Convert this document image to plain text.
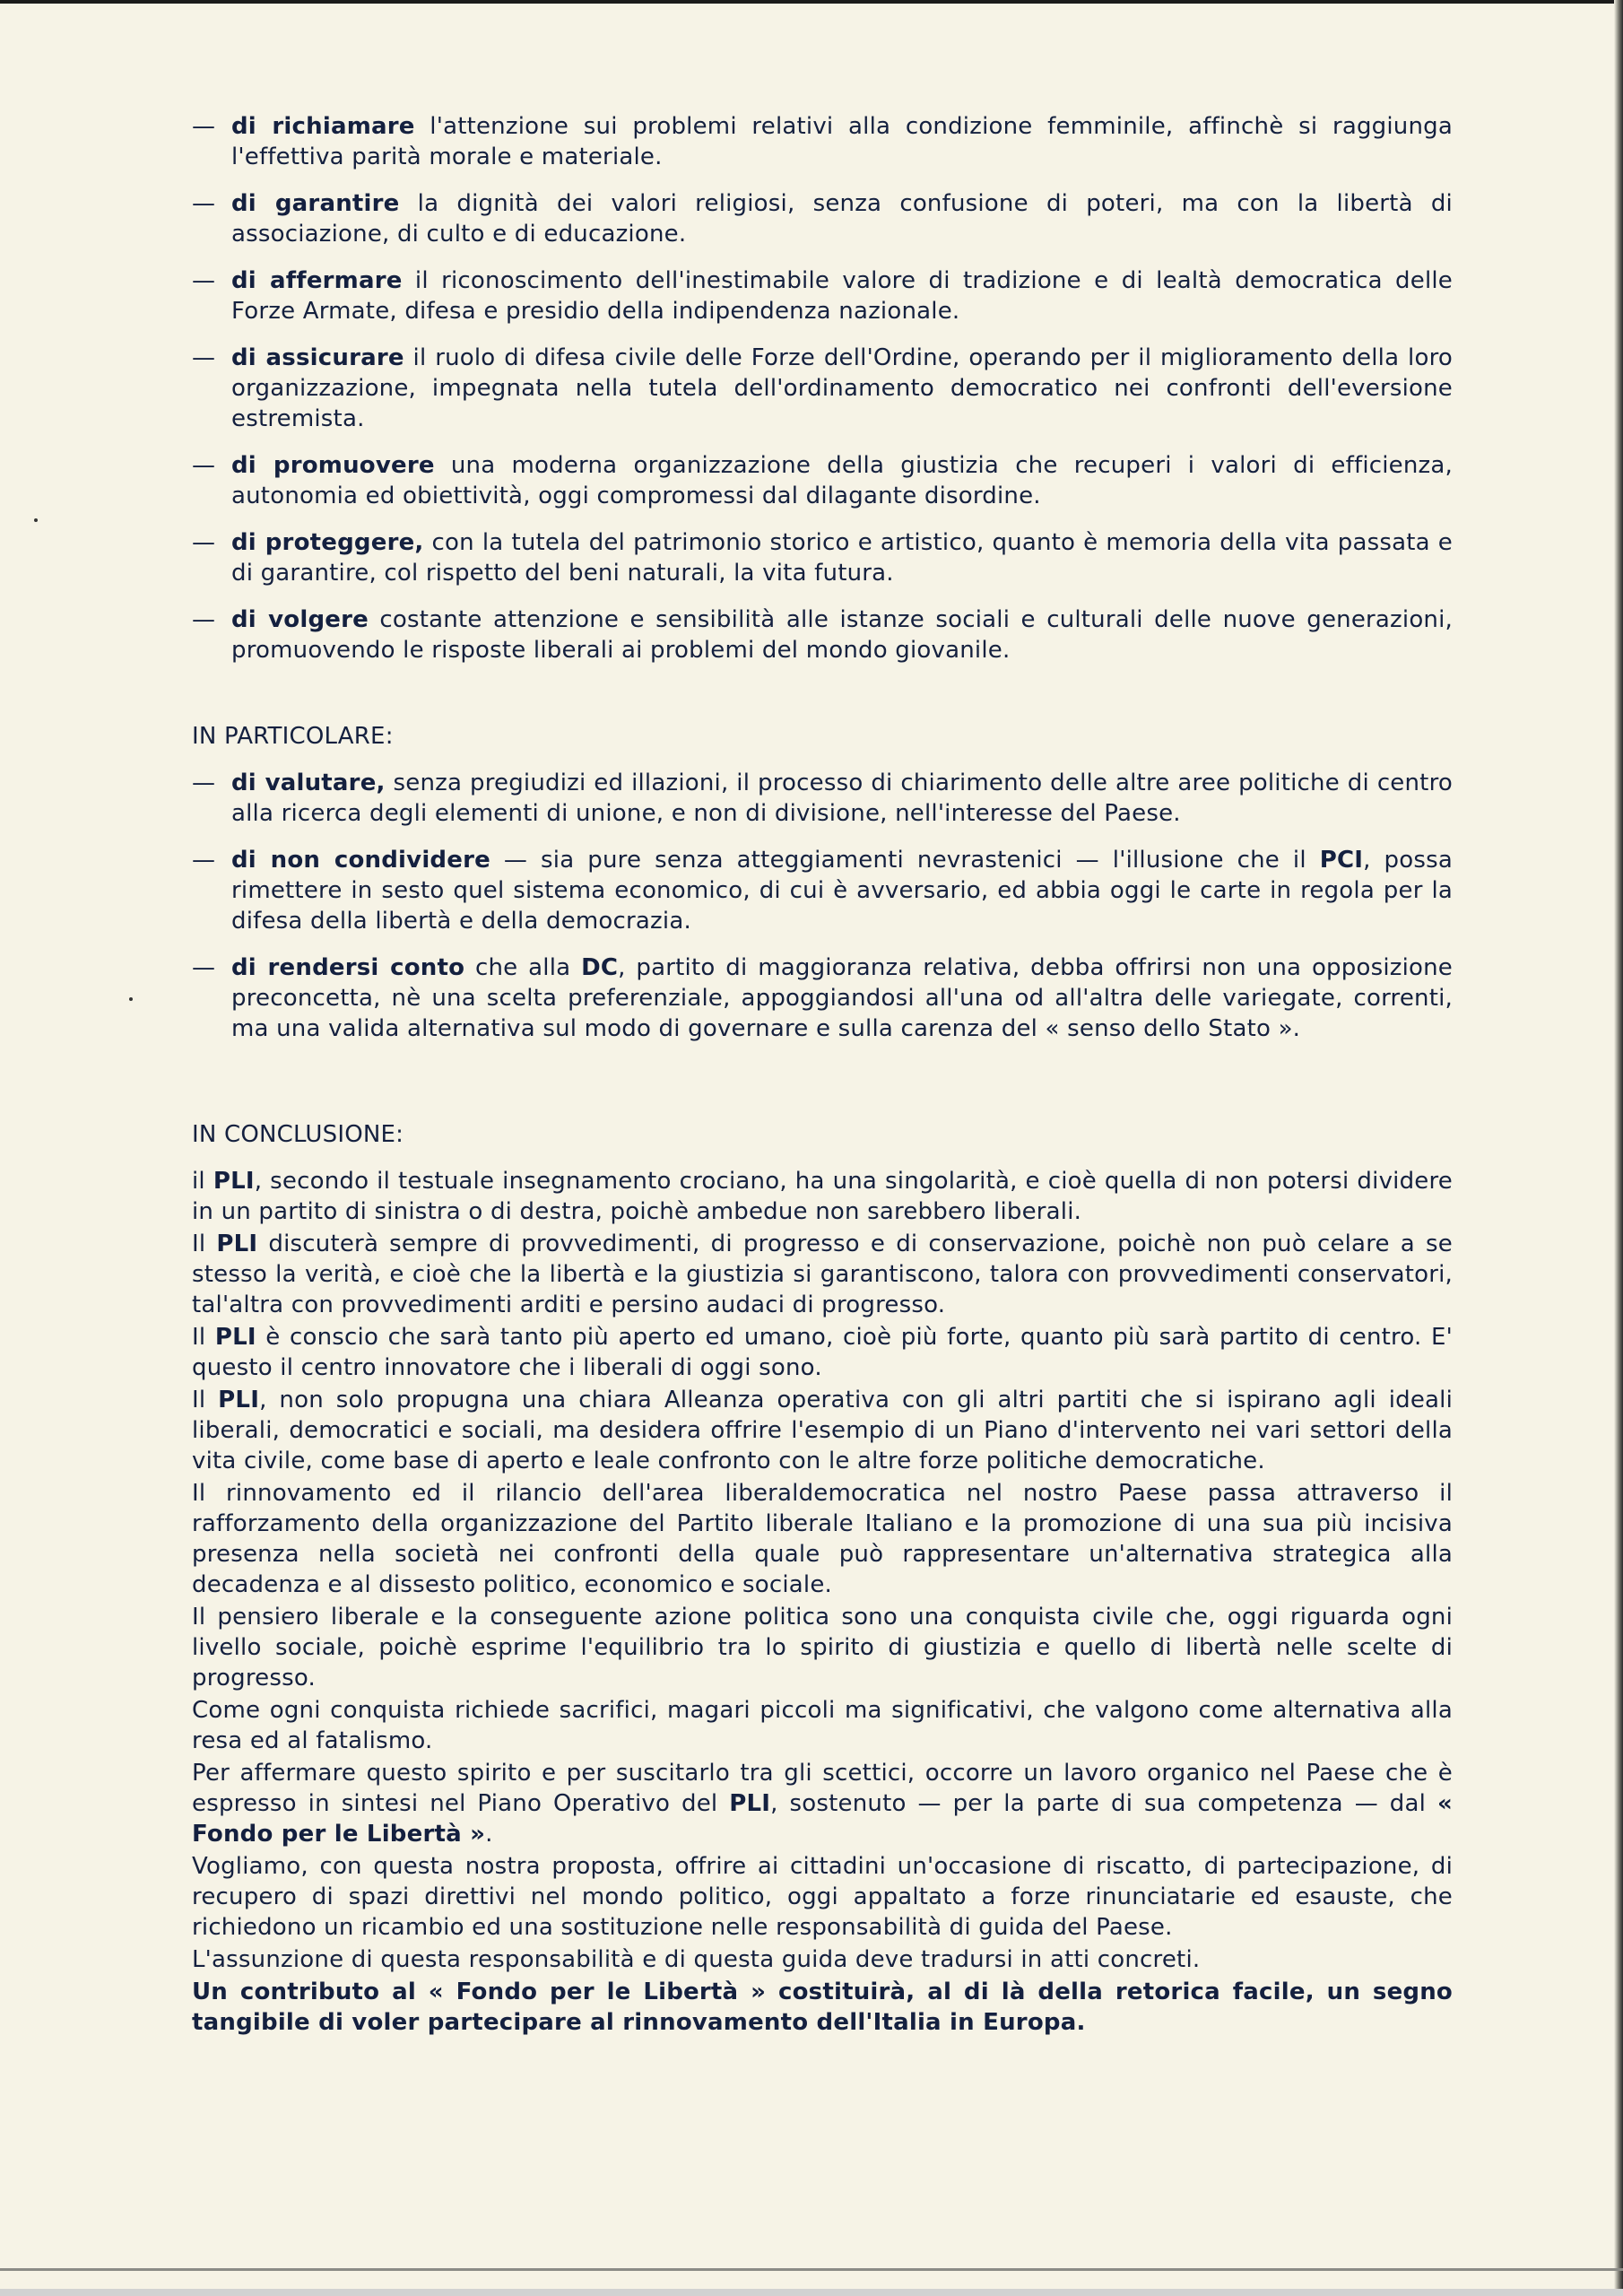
— di richiamare l'attenzione sui problemi relativi alla condizione femminile, affinchè si raggiunga l'effettiva parità morale e materiale.

— di garantire la dignità dei valori religiosi, senza confusione di poteri, ma con la libertà di associazione, di culto e di educazione.

— di affermare il riconoscimento dell'inestimabile valore di tradizione e di lealtà democratica delle Forze Armate, difesa e presidio della indipendenza nazionale.

— di assicurare il ruolo di difesa civile delle Forze dell'Ordine, operando per il miglioramento della loro organizzazione, impegnata nella tutela dell'ordinamento democratico nei confronti dell'eversione estremista.

— di promuovere una moderna organizzazione della giustizia che recuperi i valori di efficienza, autonomia ed obiettività, oggi compromessi dal dilagante disordine.

— di proteggere, con la tutela del patrimonio storico e artistico, quanto è memoria della vita passata e di garantire, col rispetto del beni naturali, la vita futura.

— di volgere costante attenzione e sensibilità alle istanze sociali e culturali delle nuove generazioni, promuovendo le risposte liberali ai problemi del mondo giovanile.

IN PARTICOLARE:

— di valutare, senza pregiudizi ed illazioni, il processo di chiarimento delle altre aree politiche di centro alla ricerca degli elementi di unione, e non di divisione, nell'interesse del Paese.

— di non condividere — sia pure senza atteggiamenti nevrastenici — l'illusione che il PCI, possa rimettere in sesto quel sistema economico, di cui è avversario, ed abbia oggi le carte in regola per la difesa della libertà e della democrazia.

— di rendersi conto che alla DC, partito di maggioranza relativa, debba offrirsi non una opposizione preconcetta, nè una scelta preferenziale, appoggiandosi all'una od all'altra delle variegate, correnti, ma una valida alternativa sul modo di governare e sulla carenza del « senso dello Stato ».

IN CONCLUSIONE:

il PLI, secondo il testuale insegnamento crociano, ha una singolarità, e cioè quella di non potersi dividere in un partito di sinistra o di destra, poichè ambedue non sarebbero liberali.

Il PLI discuterà sempre di provvedimenti, di progresso e di conservazione, poichè non può celare a se stesso la verità, e cioè che la libertà e la giustizia si garantiscono, talora con provvedimenti conservatori, tal'altra con provvedimenti arditi e persino audaci di progresso.

Il PLI è conscio che sarà tanto più aperto ed umano, cioè più forte, quanto più sarà partito di centro. E' questo il centro innovatore che i liberali di oggi sono.

Il PLI, non solo propugna una chiara Alleanza operativa con gli altri partiti che si ispirano agli ideali liberali, democratici e sociali, ma desidera offrire l'esempio di un Piano d'intervento nei vari settori della vita civile, come base di aperto e leale confronto con le altre forze politiche democratiche.

Il rinnovamento ed il rilancio dell'area liberaldemocratica nel nostro Paese passa attraverso il rafforzamento della organizzazione del Partito liberale Italiano e la promozione di una sua più incisiva presenza nella società nei confronti della quale può rappresentare un'alternativa strategica alla decadenza e al dissesto politico, economico e sociale.

Il pensiero liberale e la conseguente azione politica sono una conquista civile che, oggi riguarda ogni livello sociale, poichè esprime l'equilibrio tra lo spirito di giustizia e quello di libertà nelle scelte di progresso.

Come ogni conquista richiede sacrifici, magari piccoli ma significativi, che valgono come alternativa alla resa ed al fatalismo.

Per affermare questo spirito e per suscitarlo tra gli scettici, occorre un lavoro organico nel Paese che è espresso in sintesi nel Piano Operativo del PLI, sostenuto — per la parte di sua competenza — dal « Fondo per le Libertà ».

Vogliamo, con questa nostra proposta, offrire ai cittadini un'occasione di riscatto, di partecipazione, di recupero di spazi direttivi nel mondo politico, oggi appaltato a forze rinunciatarie ed esauste, che richiedono un ricambio ed una sostituzione nelle responsabilità di guida del Paese.

L'assunzione di questa responsabilità e di questa guida deve tradursi in atti concreti.

Un contributo al « Fondo per le Libertà » costituirà, al di là della retorica facile, un segno tangibile di voler partecipare al rinnovamento dell'Italia in Europa.
